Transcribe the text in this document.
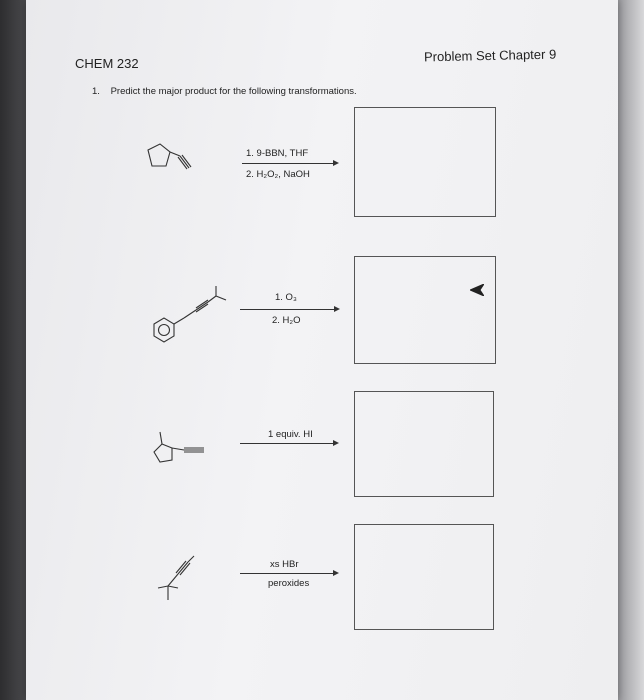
CHEM 232	Problem Set Chapter 9
1. Predict the major product for the following transformations.
1. 9-BBN, THF
2. H₂O₂, NaOH
1. O₃
2. H₂O
1 equiv. HI
xs HBr
peroxides
